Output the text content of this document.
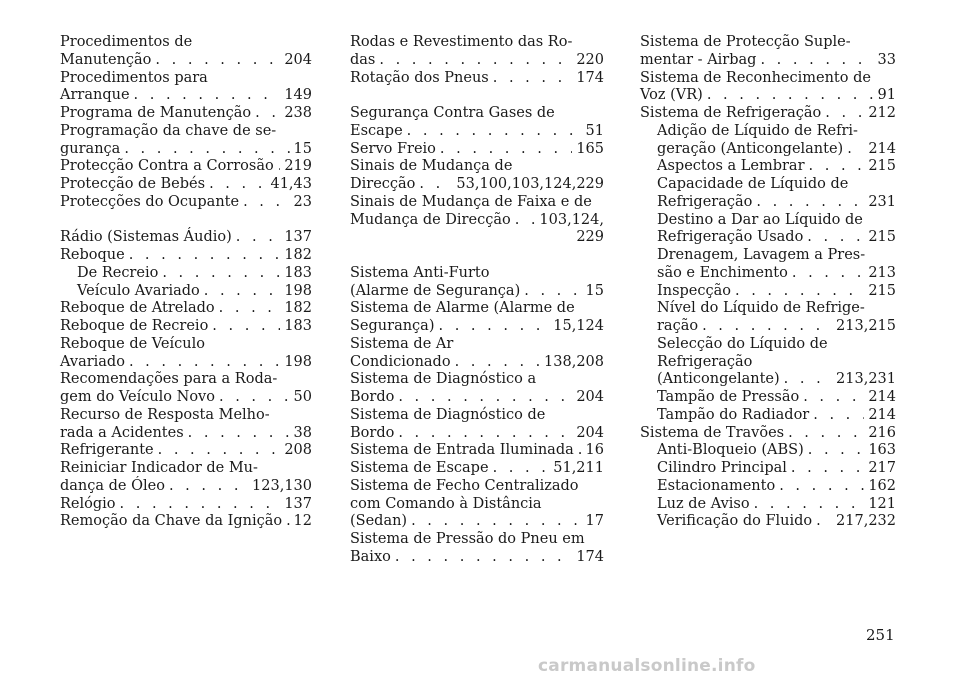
Procedimentos de
Manutenção . . .	204
Procedimentos para
Arranque . . .	149
Programa de Manutenção . . . 238
Programação da chave de se-
gurança . . .	15
Protecção Contra a Corrosão . . . 219
Protecção de Bebés . . .	41,43
Protecções do Ocupante . . .	23
Rádio (Sistemas Áudio) . . .	137
Reboque . . .	182
De Recreio . . .	183
Veículo Avariado . . .	198
Reboque de Atrelado . . .	182
Reboque de Recreio . . .	183
Reboque de Veículo
Avariado . . .	198
Recomendações para a Roda-
gem do Veículo Novo . . .	50
Recurso de Resposta Melho-
rada a Acidentes . . .	38
Refrigerante . . .	208
Reiniciar Indicador de Mu-
dança de Óleo . . .	123,130
Relógio . . .	137
Remoção da Chave da Ignição . . . 12
Rodas e Revestimento das Ro-
das . . .	220
Rotação dos Pneus . . .	174
Segurança Contra Gases de
Escape . . .	51
Servo Freio . . .	165
Sinais de Mudança de
Direcção . . .	53,100,103,124,229
Sinais de Mudança de Faixa e de
Mudança de Direcção . . . 103,124,
229
Sistema Anti-Furto
(Alarme de Segurança) . . .	15
Sistema de Alarme (Alarme de
Segurança) . . .	15,124
Sistema de Ar
Condicionado . . .	138,208
Sistema de Diagnóstico a
Bordo . . .	204
Sistema de Diagnóstico de
Bordo . . .	204
Sistema de Entrada Iluminada . . . 16
Sistema de Escape . . .	51,211
Sistema de Fecho Centralizado
com Comando à Distância
(Sedan) . . .	17
Sistema de Pressão do Pneu em
Baixo . . .	174
Sistema de Protecção Suple-
mentar - Airbag . . .	33
Sistema de Reconhecimento de
Voz (VR) . . .	91
Sistema de Refrigeração . . .	212
Adição de Líquido de Refri-
geração (Anticongelante) . . . 214
Aspectos a Lembrar . . .	215
Capacidade de Líquido de
Refrigeração . . .	231
Destino a Dar ao Líquido de
Refrigeração Usado . . .	215
Drenagem, Lavagem a Pres-
são e Enchimento . . .	213
Inspecção . . .	215
Nível do Líquido de Refrige-
ração . . .	213,215
Selecção do Líquido de
Refrigeração
(Anticongelante) . . .	213,231
Tampão de Pressão . . .	214
Tampão do Radiador . . .	214
Sistema de Travões . . .	216
Anti-Bloqueio (ABS) . . .	163
Cilindro Principal . . .	217
Estacionamento . . .	162
Luz de Aviso . . .	121
Verificação do Fluido . . . 217,232
251
carmanualsonline.info
